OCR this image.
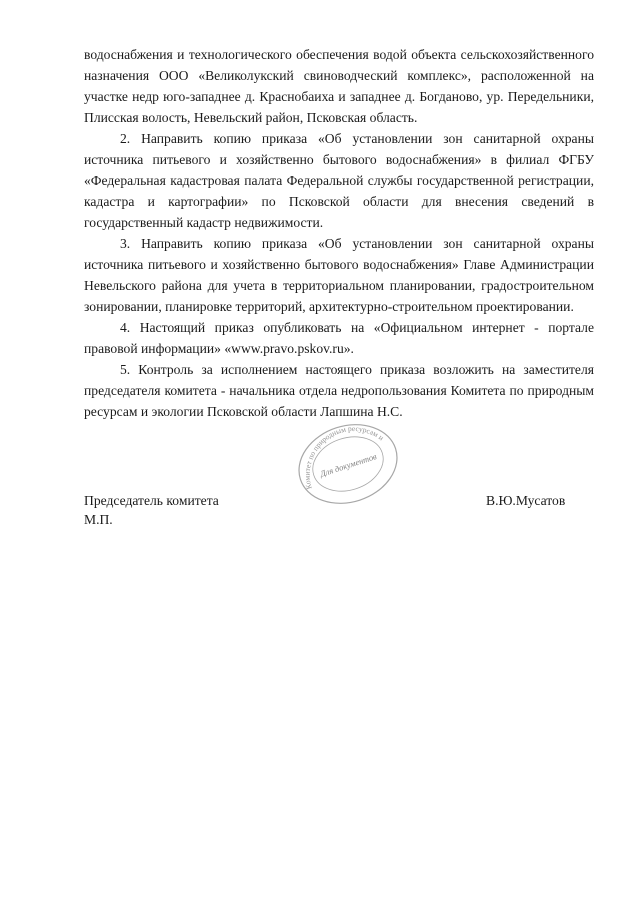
водоснабжения и технологического обеспечения водой объекта сельскохозяйственного назначения ООО «Великолукский свиноводческий комплекс», расположенной на участке недр юго-западнее д. Краснобаиха и западнее д. Богданово, ур. Передельники, Плисская волость, Невельский район, Псковская область.

2. Направить копию приказа «Об установлении зон санитарной охраны источника питьевого и хозяйственно бытового водоснабжения» в филиал ФГБУ «Федеральная кадастровая палата Федеральной службы государственной регистрации, кадастра и картографии» по Псковской области для внесения сведений в государственный кадастр недвижимости.

3. Направить копию приказа «Об установлении зон санитарной охраны источника питьевого и хозяйственно бытового водоснабжения» Главе Администрации Невельского района для учета в территориальном планировании, градостроительном зонировании, планировке территорий, архитектурно-строительном проектировании.

4. Настоящий приказ опубликовать на «Официальном интернет - портале правовой информации» «www.pravo.pskov.ru».

5. Контроль за исполнением настоящего приказа возложить на заместителя председателя комитета - начальника отдела недропользования Комитета по природным ресурсам и экологии Псковской области Лапшина Н.С.

Комитет по природным ресурсам и
Для документов
Председатель комитета
М.П.
В.Ю.Мусатов
